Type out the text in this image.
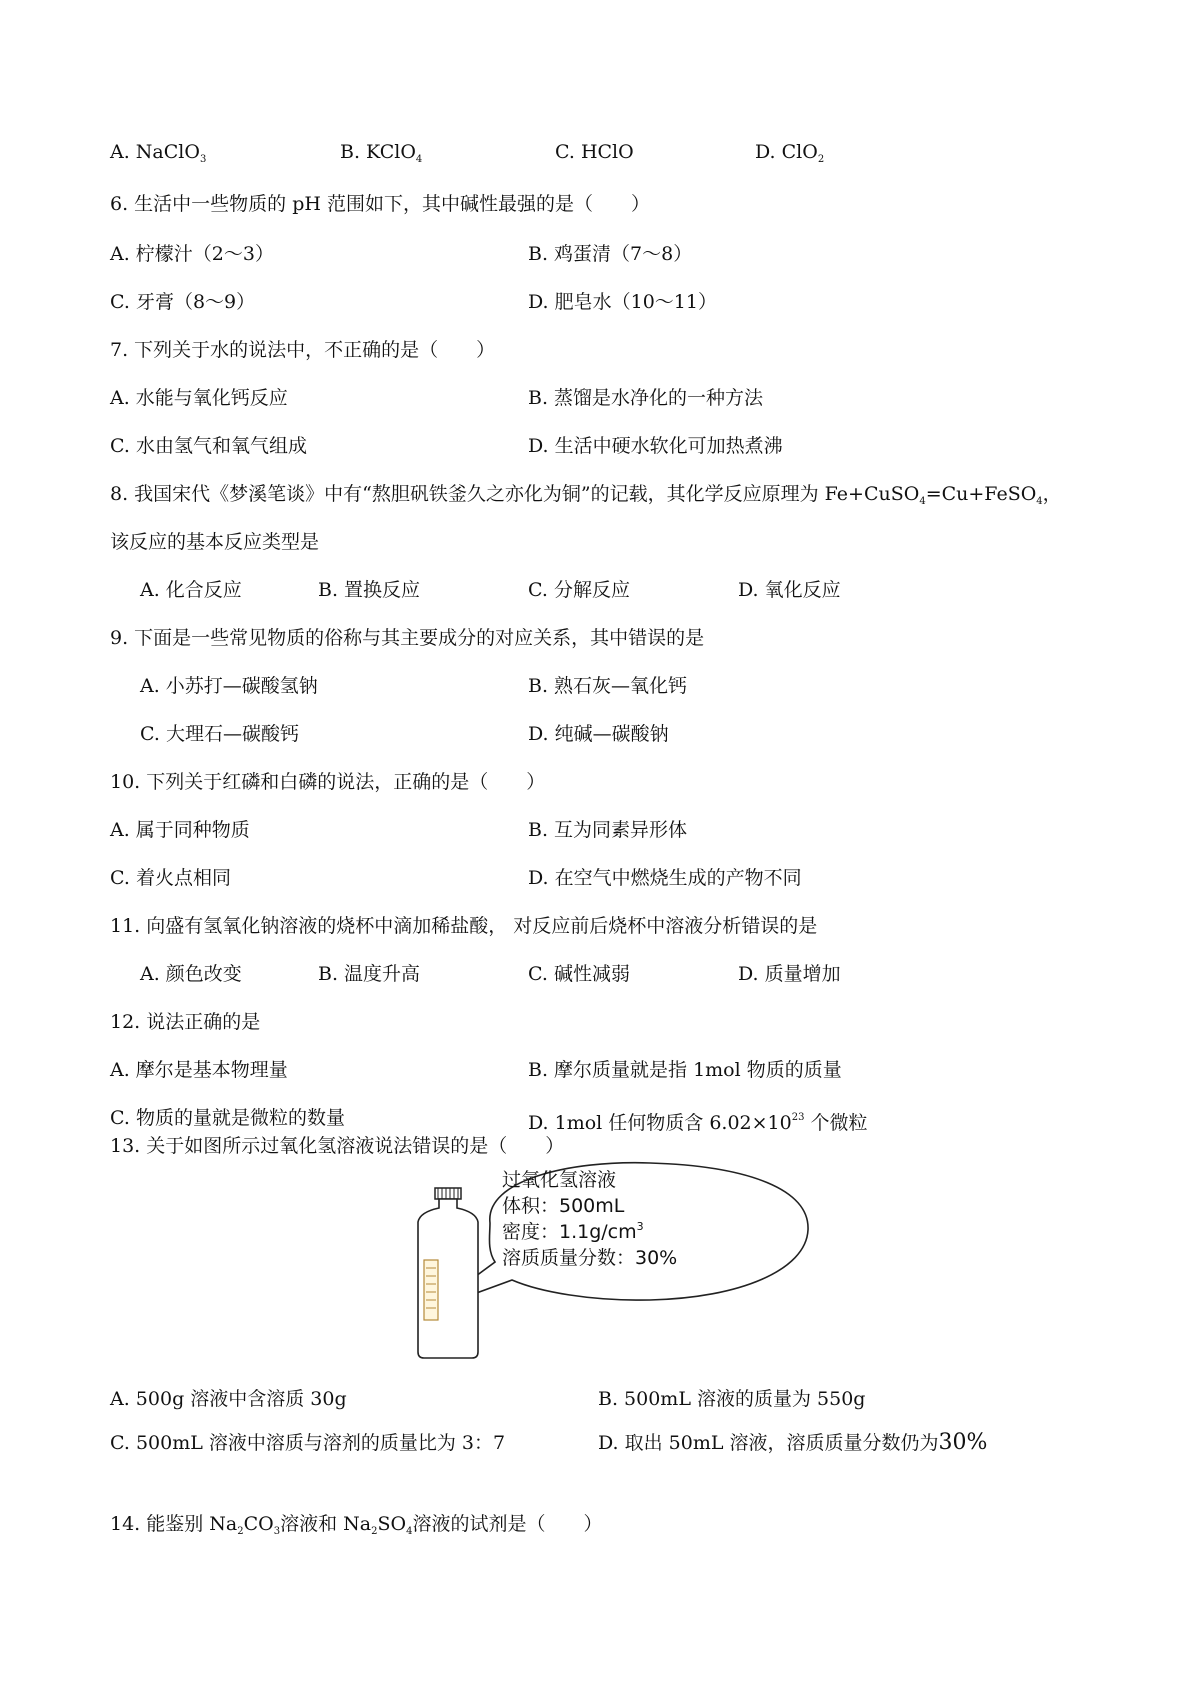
A. NaClO$_3$	B. KClO$_4$	C. HClO	D. ClO$_2$
6. 生活中一些物质的 pH 范围如下，其中碱性最强的是（　　）
A. 柠檬汁（2～3）	B. 鸡蛋清（7～8）
C. 牙膏（8～9）	D. 肥皂水（10～11）
7. 下列关于水的说法中，不正确的是（　　）
A. 水能与氧化钙反应	B. 蒸馏是水净化的一种方法
C. 水由氢气和氧气组成	D. 生活中硬水软化可加热煮沸
8. 我国宋代《梦溪笔谈》中有“熬胆矾铁釜久之亦化为铜”的记载，其化学反应原理为 Fe+CuSO$_4$=Cu+FeSO$_4$，
该反应的基本反应类型是
A. 化合反应	B. 置换反应	C. 分解反应	D. 氧化反应
9. 下面是一些常见物质的俗称与其主要成分的对应关系，其中错误的是
A. 小苏打—碳酸氢钠	B. 熟石灰—氧化钙
C. 大理石—碳酸钙	D. 纯碱—碳酸钠
10. 下列关于红磷和白磷的说法，正确的是（　　）
A. 属于同种物质	B. 互为同素异形体
C. 着火点相同	D. 在空气中燃烧生成的产物不同
11. 向盛有氢氧化钠溶液的烧杯中滴加稀盐酸， 对反应前后烧杯中溶液分析错误的是
A. 颜色改变	B. 温度升高	C. 碱性减弱	D. 质量增加
12. 说法正确的是
A. 摩尔是基本物理量	B. 摩尔质量就是指 1mol 物质的质量
C. 物质的量就是微粒的数量	D. 1mol 任何物质含 $6.02\times 10^{23}$ 个微粒
13. 关于如图所示过氧化氢溶液说法错误的是（　　）
过氧化氢溶液
体积：500mL
密度：$1.1g/cm^3$
溶质质量分数：30%
A. 500g 溶液中含溶质 30g	B. 500mL 溶液的质量为 550g
C. 500mL 溶液中溶质与溶剂的质量比为 3：7	D. 取出 50mL 溶液，溶质质量分数仍为30%
14. 能鉴别 $Na_2CO_3$溶液和 $Na_2SO_4$溶液的试剂是（　　）
